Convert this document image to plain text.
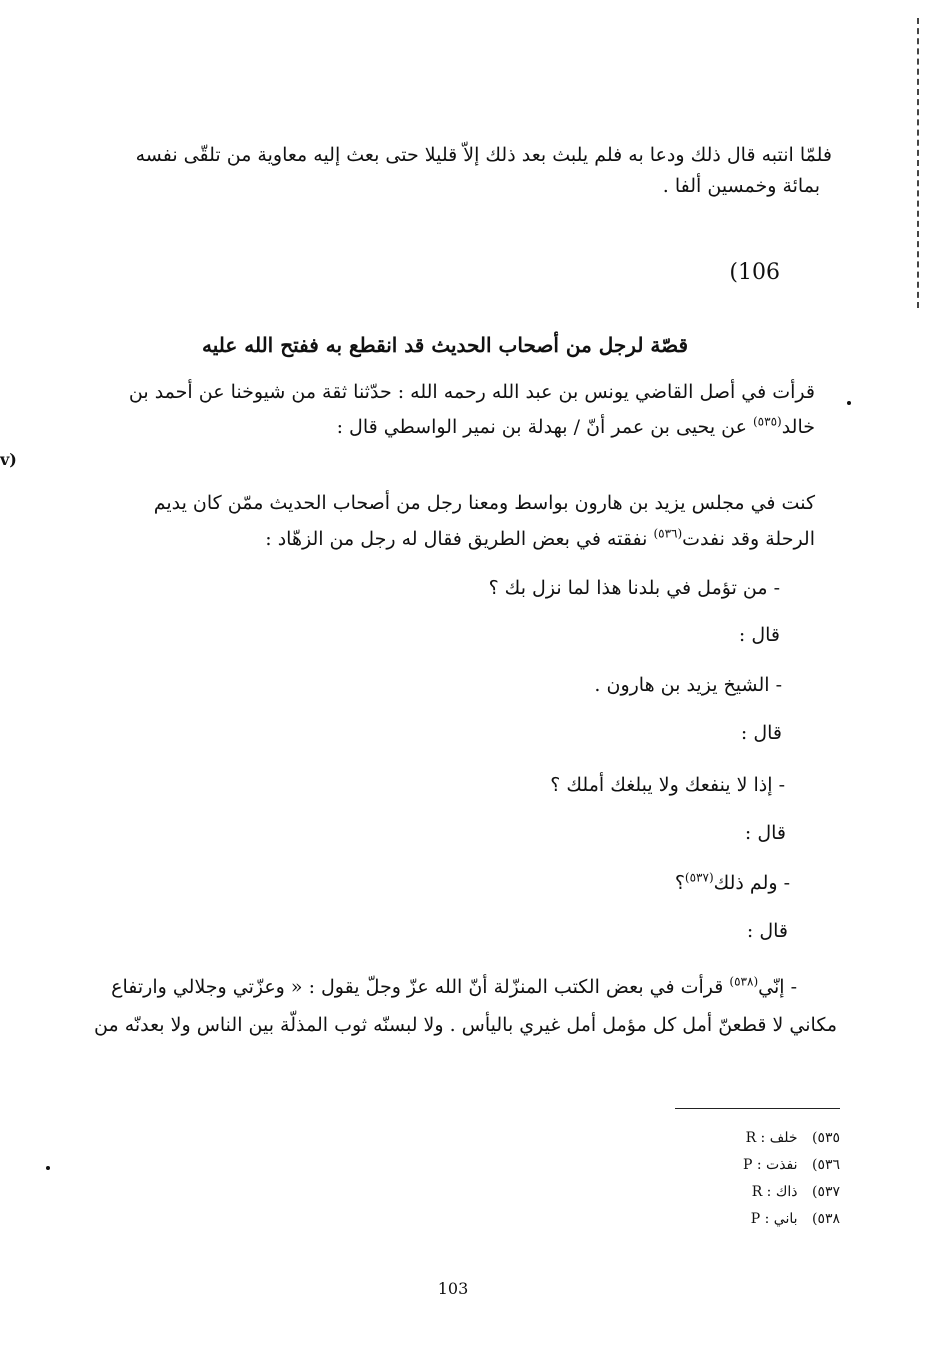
فلمّا انتبه قال ذلك ودعا به فلم يلبث بعد ذلك إلاّ قليلا حتى بعث إليه معاوية من تلقّى نفسه
بمائة وخمسين ألفا .
(106
قصّة لرجل من أصحاب الحديث قد انقطع به ففتح الله عليه
v)
قرأت في أصل القاضي يونس بن عبد الله رحمه الله : حدّثنا ثقة من شيوخنا عن أحمد بن
خالد$^{(٥٣٥)}$ عن يحيى بن عمر أنّ / بهدلة بن نمير الواسطي قال :
كنت في مجلس يزيد بن هارون بواسط ومعنا رجل من أصحاب الحديث ممّن كان يديم
الرحلة وقد نفدت$^{(٥٣٦)}$ نفقته في بعض الطريق فقال له رجل من الزهّاد :
- من تؤمل في بلدنا هذا لما نزل بك ؟
قال :
- الشيخ يزيد بن هارون .
قال :
- إذا لا ينفعك ولا يبلغك أملك ؟
قال :
- ولم ذلك$^{(٥٣٧)}$؟
قال :
- إنّي$^{(٥٣٨)}$ قرأت في بعض الكتب المنزّلة أنّ الله عزّ وجلّ يقول : « وعزّتي وجلالي وارتفاع
مكاني لا قطعنّ أمل كل مؤمل أمل غيري باليأس . ولا لبسنّه ثوب المذلّة بين الناس ولا بعدنّه من
٥٣٥) خلف : R
٥٣٦) نفذت : P
٥٣٧) ذاك : R
٥٣٨) باني : P
103
